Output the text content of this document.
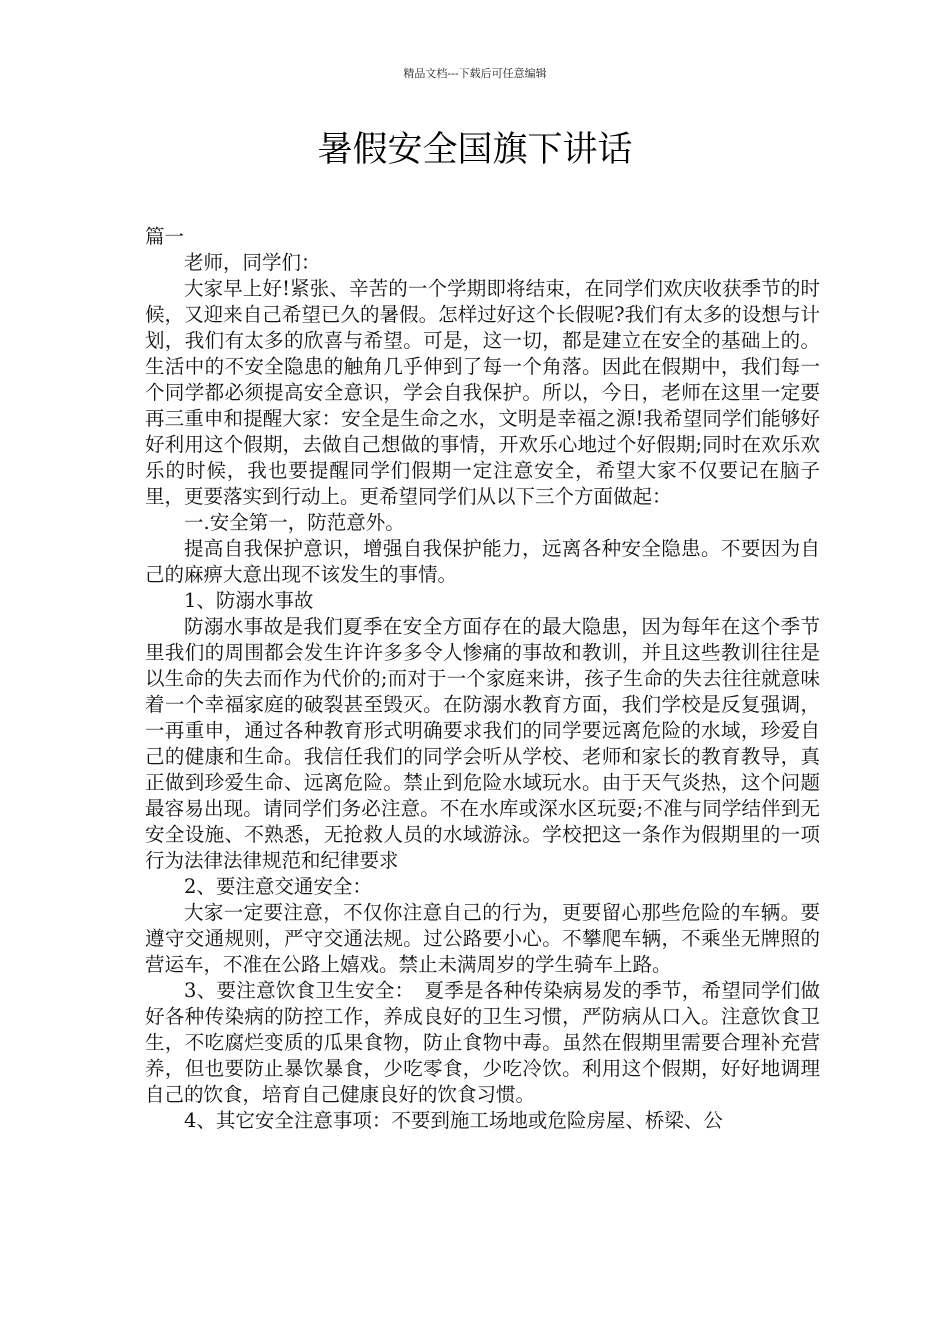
精品文档---下载后可任意编辑
暑假安全国旗下讲话

篇一

老师，同学们：

大家早上好!紧张、辛苦的一个学期即将结束，在同学们欢庆收获季节的时候，又迎来自己希望已久的暑假。怎样过好这个长假呢?我们有太多的设想与计划，我们有太多的欣喜与希望。可是，这一切，都是建立在安全的基础上的。生活中的不安全隐患的触角几乎伸到了每一个角落。因此在假期中，我们每一个同学都必须提高安全意识，学会自我保护。所以，今日，老师在这里一定要再三重申和提醒大家：安全是生命之水，文明是幸福之源!我希望同学们能够好好利用这个假期，去做自己想做的事情，开欢乐心地过个好假期;同时在欢乐欢乐的时候，我也要提醒同学们假期一定注意安全，希望大家不仅要记在脑子里，更要落实到行动上。更希望同学们从以下三个方面做起：

一.安全第一，防范意外。

提高自我保护意识，增强自我保护能力，远离各种安全隐患。不要因为自己的麻痹大意出现不该发生的事情。

1、防溺水事故

防溺水事故是我们夏季在安全方面存在的最大隐患，因为每年在这个季节里我们的周围都会发生许许多多令人惨痛的事故和教训，并且这些教训往往是以生命的失去而作为代价的;而对于一个家庭来讲，孩子生命的失去往往就意味着一个幸福家庭的破裂甚至毁灭。在防溺水教育方面，我们学校是反复强调，一再重申，通过各种教育形式明确要求我们的同学要远离危险的水域，珍爱自己的健康和生命。我信任我们的同学会听从学校、老师和家长的教育教导，真正做到珍爱生命、远离危险。禁止到危险水域玩水。由于天气炎热，这个问题最容易出现。请同学们务必注意。不在水库或深水区玩耍;不准与同学结伴到无安全设施、不熟悉，无抢救人员的水域游泳。学校把这一条作为假期里的一项行为法律法律规范和纪律要求

2、要注意交通安全：

大家一定要注意，不仅你注意自己的行为，更要留心那些危险的车辆。要遵守交通规则，严守交通法规。过公路要小心。不攀爬车辆，不乘坐无牌照的营运车，不准在公路上嬉戏。禁止未满周岁的学生骑车上路。

3、要注意饮食卫生安全：　夏季是各种传染病易发的季节，希望同学们做好各种传染病的防控工作，养成良好的卫生习惯，严防病从口入。注意饮食卫生，不吃腐烂变质的瓜果食物，防止食物中毒。虽然在假期里需要合理补充营养，但也要防止暴饮暴食，少吃零食，少吃冷饮。利用这个假期，好好地调理自己的饮食，培育自己健康良好的饮食习惯。

4、其它安全注意事项：不要到施工场地或危险房屋、桥梁、公
